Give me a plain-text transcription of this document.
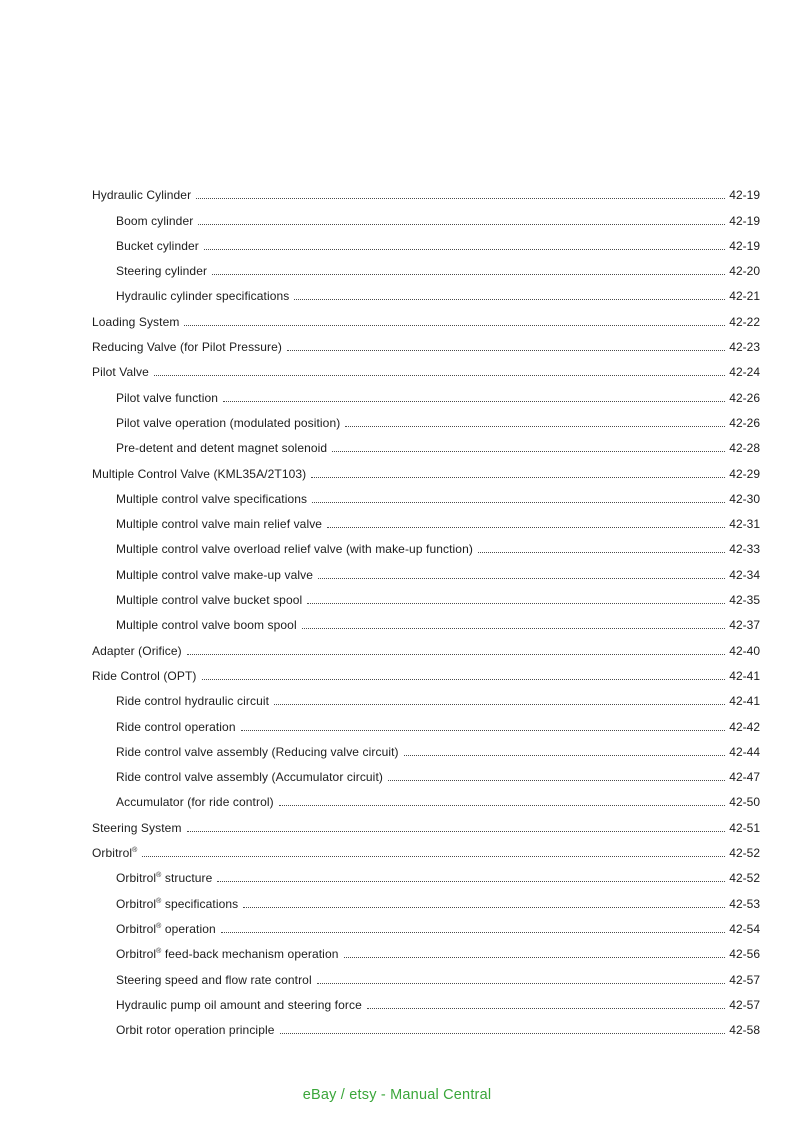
Hydraulic Cylinder	42-19
Boom cylinder	42-19
Bucket cylinder	42-19
Steering cylinder	42-20
Hydraulic cylinder specifications	42-21
Loading System	42-22
Reducing Valve (for Pilot Pressure)	42-23
Pilot Valve	42-24
Pilot valve function	42-26
Pilot valve operation (modulated position)	42-26
Pre-detent and detent magnet solenoid	42-28
Multiple Control Valve (KML35A/2T103)	42-29
Multiple control valve specifications	42-30
Multiple control valve main relief valve	42-31
Multiple control valve overload relief valve (with make-up function)	42-33
Multiple control valve make-up valve	42-34
Multiple control valve bucket spool	42-35
Multiple control valve boom spool	42-37
Adapter (Orifice)	42-40
Ride Control (OPT)	42-41
Ride control hydraulic circuit	42-41
Ride control operation	42-42
Ride control valve assembly (Reducing valve circuit)	42-44
Ride control valve assembly (Accumulator circuit)	42-47
Accumulator (for ride control)	42-50
Steering System	42-51
Orbitrol®	42-52
Orbitrol® structure	42-52
Orbitrol® specifications	42-53
Orbitrol® operation	42-54
Orbitrol® feed-back mechanism operation	42-56
Steering speed and flow rate control	42-57
Hydraulic pump oil amount and steering force	42-57
Orbit rotor operation principle	42-58
eBay / etsy - Manual Central
